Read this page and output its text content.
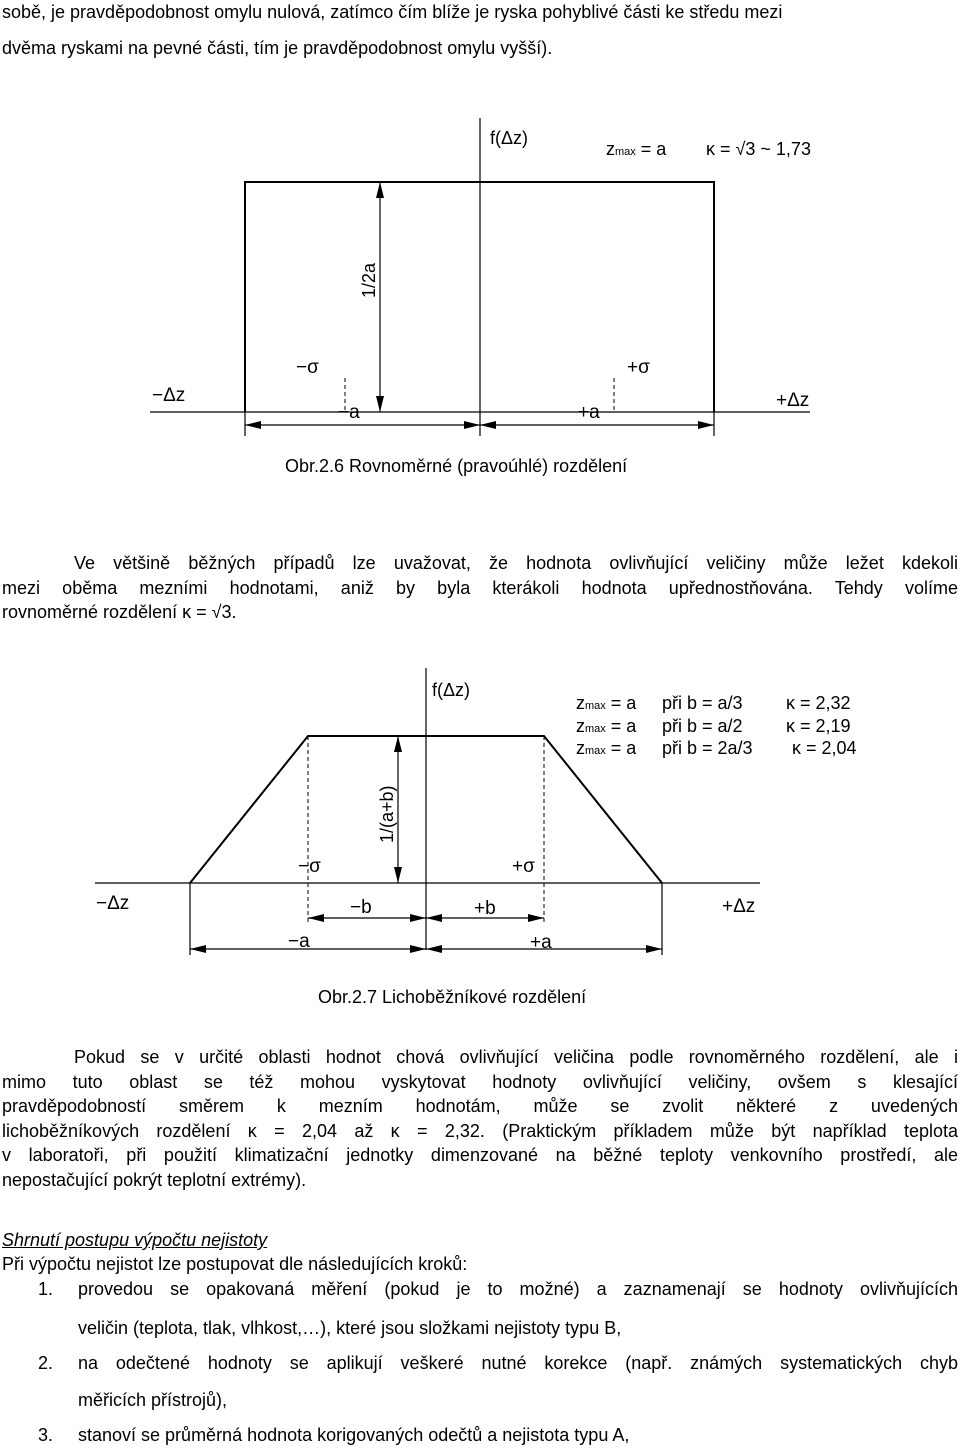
sobě, je pravděpodobnost omylu nulová, zatímco čím blíže je ryska pohyblivé části ke středu mezi
dvěma ryskami na pevné části, tím je pravděpodobnost omylu vyšší).
f(Δz)
zmax = a κ = √3 ~ 1,73
1/2a
−σ	+σ
−Δz	+Δz
−a	+a
Obr.2.6 Rovnoměrné (pravoúhlé) rozdělení
Ve většině běžných případů lze uvažovat, že hodnota ovlivňující veličiny může ležet kdekoli
mezi oběma mezními hodnotami, aniž by byla kterákoli hodnota upřednostňována. Tehdy volíme
rovnoměrné rozdělení κ = √3.
f(Δz)
zmax = a při b = a/3 κ = 2,32
zmax = a při b = a/2 κ = 2,19
zmax = a při b = 2a/3 κ = 2,04
1/(a+b)
−σ	+σ
−Δz	+Δz
−b	+b
−a	+a
Obr.2.7 Lichoběžníkové rozdělení
Pokud se v určité oblasti hodnot chová ovlivňující veličina podle rovnoměrného rozdělení, ale i
mimo tuto oblast se též mohou vyskytovat hodnoty ovlivňující veličiny, ovšem s klesající
pravděpodobností směrem k mezním hodnotám, může se zvolit některé z uvedených
lichoběžníkových rozdělení κ = 2,04 až κ = 2,32. (Praktickým příkladem může být například teplota
v laboratoři, při použití klimatizační jednotky dimenzované na běžné teploty venkovního prostředí, ale
nepostačující pokrýt teplotní extrémy).
Shrnutí postupu výpočtu nejistoty
Při výpočtu nejistot lze postupovat dle následujících kroků:
1. provedou se opakovaná měření (pokud je to možné) a zaznamenají se hodnoty ovlivňujících
veličin (teplota, tlak, vlhkost,…), které jsou složkami nejistoty typu B,
2. na odečtené hodnoty se aplikují veškeré nutné korekce (např. známých systematických chyb
měřicích přístrojů),
3. stanoví se průměrná hodnota korigovaných odečtů a nejistota typu A,
